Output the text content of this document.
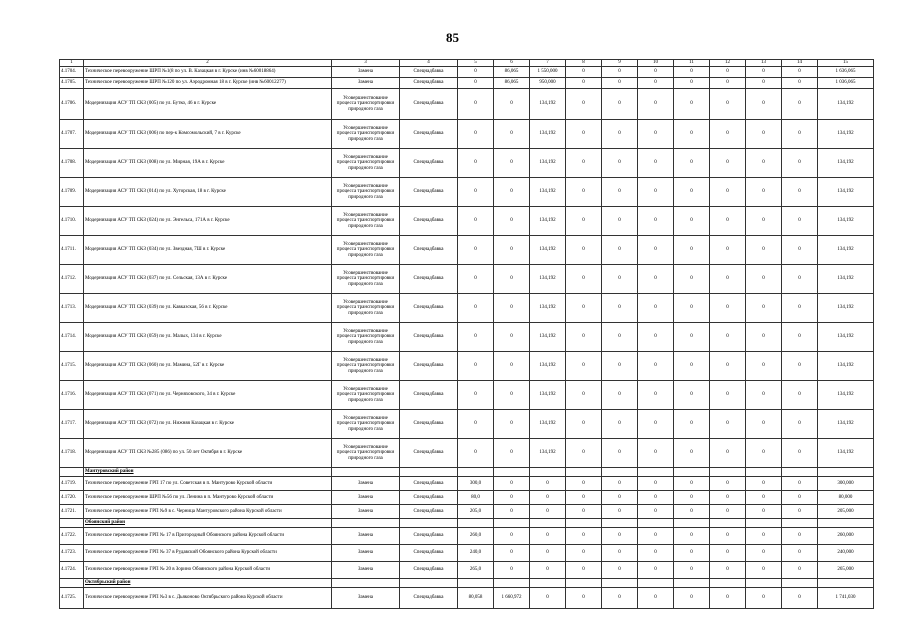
85
1	2	3	4	5	6	7	8	9	10	11	12	13	14	15
4.1704.	Техническое перевооружение ШРП №1(8 по ул. В. Казацкая в г. Курске (инв №60018864)	Замена	Спецнадбавка	0	86,065	1 550,000	0	0	0	0	0	0	0	1 636,065
4.1705.	Техническое перевооружение ШРП №120 по ул. Аэродромная 18 в г. Курске (инв №60012277)	Замена	Спецнадбавка	0	86,065	950,000	0	0	0	0	0	0	0	1 036,065
4.1706.	Модернизация АСУ ТП СКЗ (005) по ул. Бутко, 46 в г. Курске	Усовершенствование процесса транспортировки природного газа	Спецнадбавка	0	0	134,192	0	0	0	0	0	0	0	134,192
4.1707.	Модернизация АСУ ТП СКЗ (006) по пер-к Комсомольский, 7 в г. Курске	Усовершенствование процесса транспортировки природного газа	Спецнадбавка	0	0	134,192	0	0	0	0	0	0	0	134,192
4.1708.	Модернизация АСУ ТП СКЗ (008) по ул. Мирная, 19А в г. Курске	Усовершенствование процесса транспортировки природного газа	Спецнадбавка	0	0	134,192	0	0	0	0	0	0	0	134,192
4.1709.	Модернизация АСУ ТП СКЗ (014) по ул. Хуторская, 18 в г. Курске	Усовершенствование процесса транспортировки природного газа	Спецнадбавка	0	0	134,192	0	0	0	0	0	0	0	134,192
4.1710.	Модернизация АСУ ТП СКЗ (024) по ул. Энгельса, 171А в г. Курске	Усовершенствование процесса транспортировки природного газа	Спецнадбавка	0	0	134,192	0	0	0	0	0	0	0	134,192
4.1711.	Модернизация АСУ ТП СКЗ (034) по ул. Звездная, 7Ш в г. Курске	Усовершенствование процесса транспортировки природного газа	Спецнадбавка	0	0	134,192	0	0	0	0	0	0	0	134,192
4.1712.	Модернизация АСУ ТП СКЗ (037) по ул. Сельская, 13А в г. Курске	Усовершенствование процесса транспортировки природного газа	Спецнадбавка	0	0	134,192	0	0	0	0	0	0	0	134,192
4.1713.	Модернизация АСУ ТП СКЗ (039) по ул. Кавказская, 56 в г. Курске	Усовершенствование процесса транспортировки природного газа	Спецнадбавка	0	0	134,192	0	0	0	0	0	0	0	134,192
4.1714.	Модернизация АСУ ТП СКЗ (059) по ул. Малых, 134 в г. Курске	Усовершенствование процесса транспортировки природного газа	Спецнадбавка	0	0	134,192	0	0	0	0	0	0	0	134,192
4.1715.	Модернизация АСУ ТП СКЗ (060) по ул. Мамина, 52Г в г. Курске	Усовершенствование процесса транспортировки природного газа	Спецнадбавка	0	0	134,192	0	0	0	0	0	0	0	134,192
4.1716.	Модернизация АСУ ТП СКЗ (071) по ул. Черняховского, 34 в г. Курске	Усовершенствование процесса транспортировки природного газа	Спецнадбавка	0	0	134,192	0	0	0	0	0	0	0	134,192
4.1717.	Модернизация АСУ ТП СКЗ (072) по ул. Нижняя Казацкая в г. Курске	Усовершенствование процесса транспортировки природного газа	Спецнадбавка	0	0	134,192	0	0	0	0	0	0	0	134,192
4.1718.	Модернизация АСУ ТП СКЗ №285 (086) по ул. 50 лет Октября в г. Курске	Усовершенствование процесса транспортировки природного газа	Спецнадбавка	0	0	134,192	0	0	0	0	0	0	0	134,192
	Мантуровский район													
4.1719.	Техническое перевооружение ГРП 17 по ул. Советская в п. Мантурово Курской области	Замена	Спецнадбавка	300,0	0	0	0	0	0	0	0	0	0	300,000
4.1720.	Техническое перевооружение ШРП №56 по ул. Ленина в п. Мантурово Курской области	Замена	Спецнадбавка	80,0	0	0	0	0	0	0	0	0	0	80,000
4.1721.	Техническое перевооружение ГРП №9 в с. Черница Мантуровского района Курской области	Замена	Спецнадбавка	205,0	0	0	0	0	0	0	0	0	0	205,000
	Обоянский район													
4.1722.	Техническое перевооружение ГРП № 17 в Пригородный Обоянского района Курской области	Замена	Спецнадбавка	260,0	0	0	0	0	0	0	0	0	0	260,000
4.1723.	Техническое перевооружение ГРП № 37 в Рудавский Обоянского района Курской области	Замена	Спецнадбавка	240,0	0	0	0	0	0	0	0	0	0	240,000
4.1724.	Техническое перевооружение ГРП № 20 в Зорино Обоянского района Курской области	Замена	Спецнадбавка	265,0	0	0	0	0	0	0	0	0	0	265,000
	Октябрьский район													
4.1725.	Техническое перевооружение ГРП №3 в с. Дьяконово Октябрьского района Курской области	Замена	Спецнадбавка	80,058	1 660,972	0	0	0	0	0	0	0	0	1 741,030
